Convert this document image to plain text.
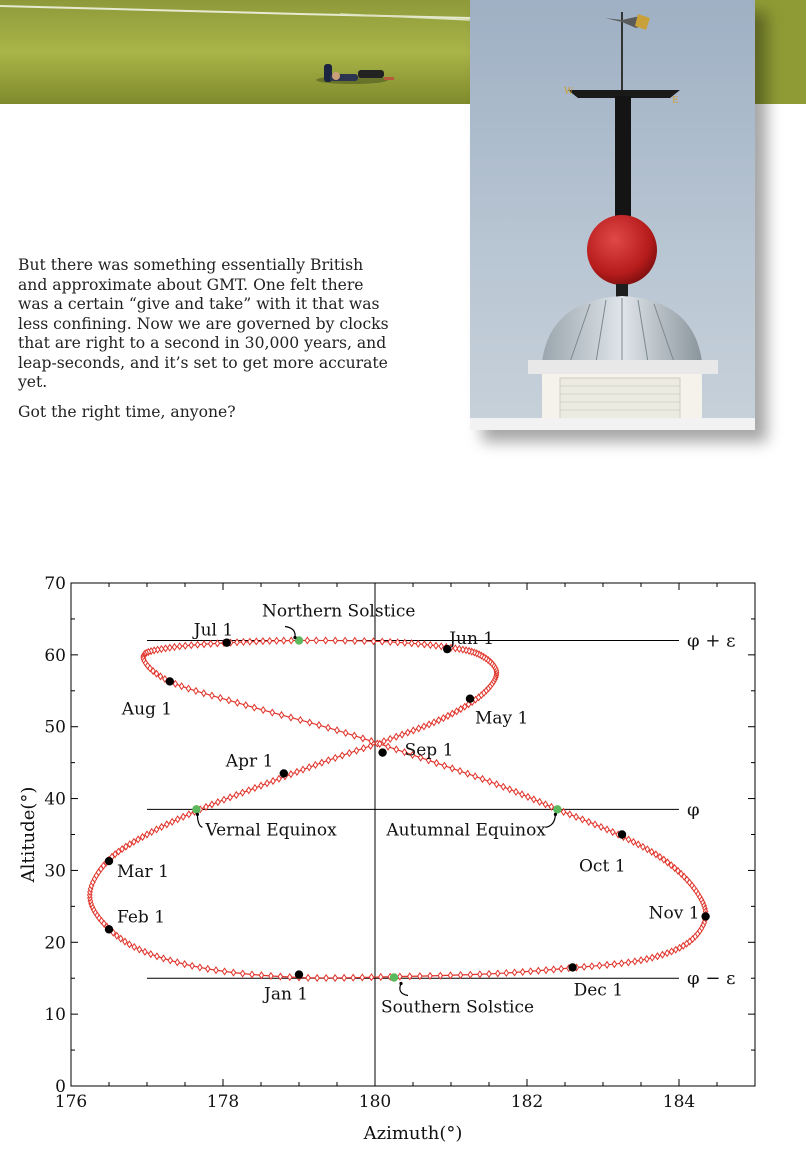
W
E

But there was something essentially British and approximate about GMT. One felt there was a certain “give and take” with it that was less confining. Now we are governed by clocks that are right to a second in 30,000 years, and leap-seconds, and it’s set to get more accurate yet.

Got the right time, anyone?

176	178	180	182	184
0
10
20
30
40
50
60
70
Azimuth(°)
Altitude(°)
φ + ε
φ
φ − ε
Jan 1
Feb 1
Mar 1
Apr 1
May 1
Jun 1
Jul 1
Aug 1
Sep 1
Oct 1
Nov 1
Dec 1
Northern Solstice
Vernal Equinox	Autumnal Equinox
Southern Solstice
